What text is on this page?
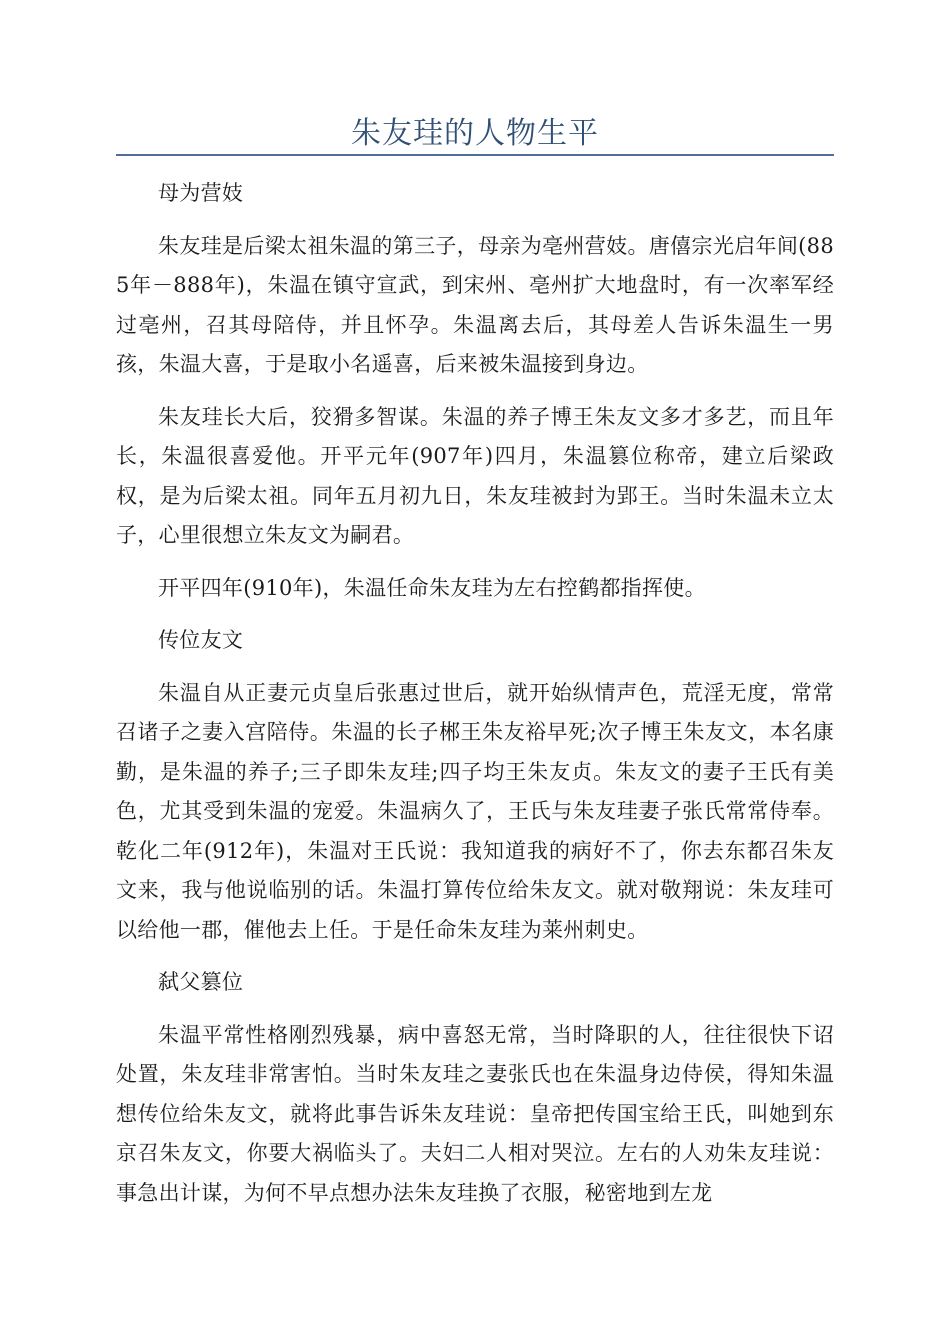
朱友珪的人物生平

母为营妓

朱友珪是后梁太祖朱温的第三子，母亲为亳州营妓。唐僖宗光启年间(885年－888年)，朱温在镇守宣武，到宋州、亳州扩大地盘时，有一次率军经过亳州，召其母陪侍，并且怀孕。朱温离去后，其母差人告诉朱温生一男孩，朱温大喜，于是取小名遥喜，后来被朱温接到身边。

朱友珪长大后，狡猾多智谋。朱温的养子博王朱友文多才多艺，而且年长，朱温很喜爱他。开平元年(907年)四月，朱温篡位称帝，建立后梁政权，是为后梁太祖。同年五月初九日，朱友珪被封为郢王。当时朱温未立太子，心里很想立朱友文为嗣君。

开平四年(910年)，朱温任命朱友珪为左右控鹤都指挥使。

传位友文

朱温自从正妻元贞皇后张惠过世后，就开始纵情声色，荒淫无度，常常召诸子之妻入宫陪侍。朱温的长子郴王朱友裕早死;次子博王朱友文，本名康勤，是朱温的养子;三子即朱友珪;四子均王朱友贞。朱友文的妻子王氏有美色，尤其受到朱温的宠爱。朱温病久了，王氏与朱友珪妻子张氏常常侍奉。乾化二年(912年)，朱温对王氏说：我知道我的病好不了，你去东都召朱友文来，我与他说临别的话。朱温打算传位给朱友文。就对敬翔说：朱友珪可以给他一郡，催他去上任。于是任命朱友珪为莱州刺史。

弑父篡位

朱温平常性格刚烈残暴，病中喜怒无常，当时降职的人，往往很快下诏处置，朱友珪非常害怕。当时朱友珪之妻张氏也在朱温身边侍侯，得知朱温想传位给朱友文，就将此事告诉朱友珪说：皇帝把传国宝给王氏，叫她到东京召朱友文，你要大祸临头了。夫妇二人相对哭泣。左右的人劝朱友珪说：事急出计谋，为何不早点想办法朱友珪换了衣服，秘密地到左龙
